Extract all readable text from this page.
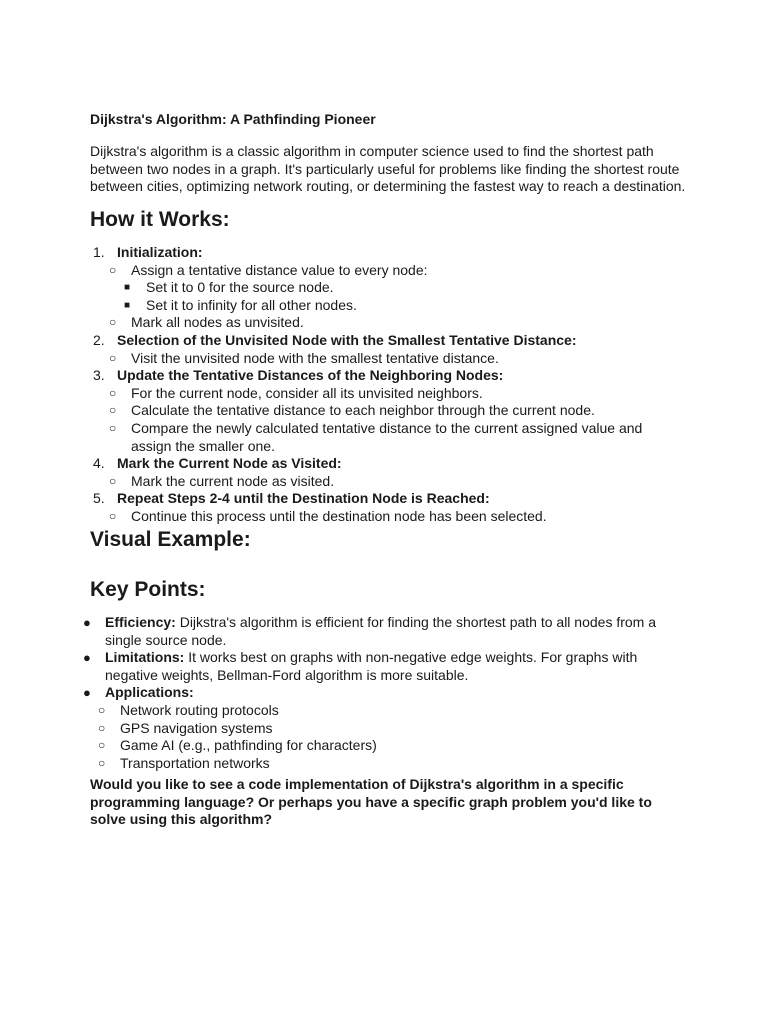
Dijkstra's Algorithm: A Pathfinding Pioneer

Dijkstra's algorithm is a classic algorithm in computer science used to find the shortest path
between two nodes in a graph. It's particularly useful for problems like finding the shortest route
between cities, optimizing network routing, or determining the fastest way to reach a destination.

How it Works:
1. Initialization:
○ Assign a tentative distance value to every node:
■ Set it to 0 for the source node.
■ Set it to infinity for all other nodes.
○ Mark all nodes as unvisited.
2. Selection of the Unvisited Node with the Smallest Tentative Distance:
○ Visit the unvisited node with the smallest tentative distance.
3. Update the Tentative Distances of the Neighboring Nodes:
○ For the current node, consider all its unvisited neighbors.
○ Calculate the tentative distance to each neighbor through the current node.
○ Compare the newly calculated tentative distance to the current assigned value and
assign the smaller one.
4. Mark the Current Node as Visited:
○ Mark the current node as visited.
5. Repeat Steps 2-4 until the Destination Node is Reached:
○ Continue this process until the destination node has been selected.
Visual Example:
Key Points:
● Efficiency: Dijkstra's algorithm is efficient for finding the shortest path to all nodes from a
single source node.
● Limitations: It works best on graphs with non-negative edge weights. For graphs with
negative weights, Bellman-Ford algorithm is more suitable.
● Applications:
○ Network routing protocols
○ GPS navigation systems
○ Game AI (e.g., pathfinding for characters)
○ Transportation networks

Would you like to see a code implementation of Dijkstra's algorithm in a specific
programming language? Or perhaps you have a specific graph problem you'd like to
solve using this algorithm?
